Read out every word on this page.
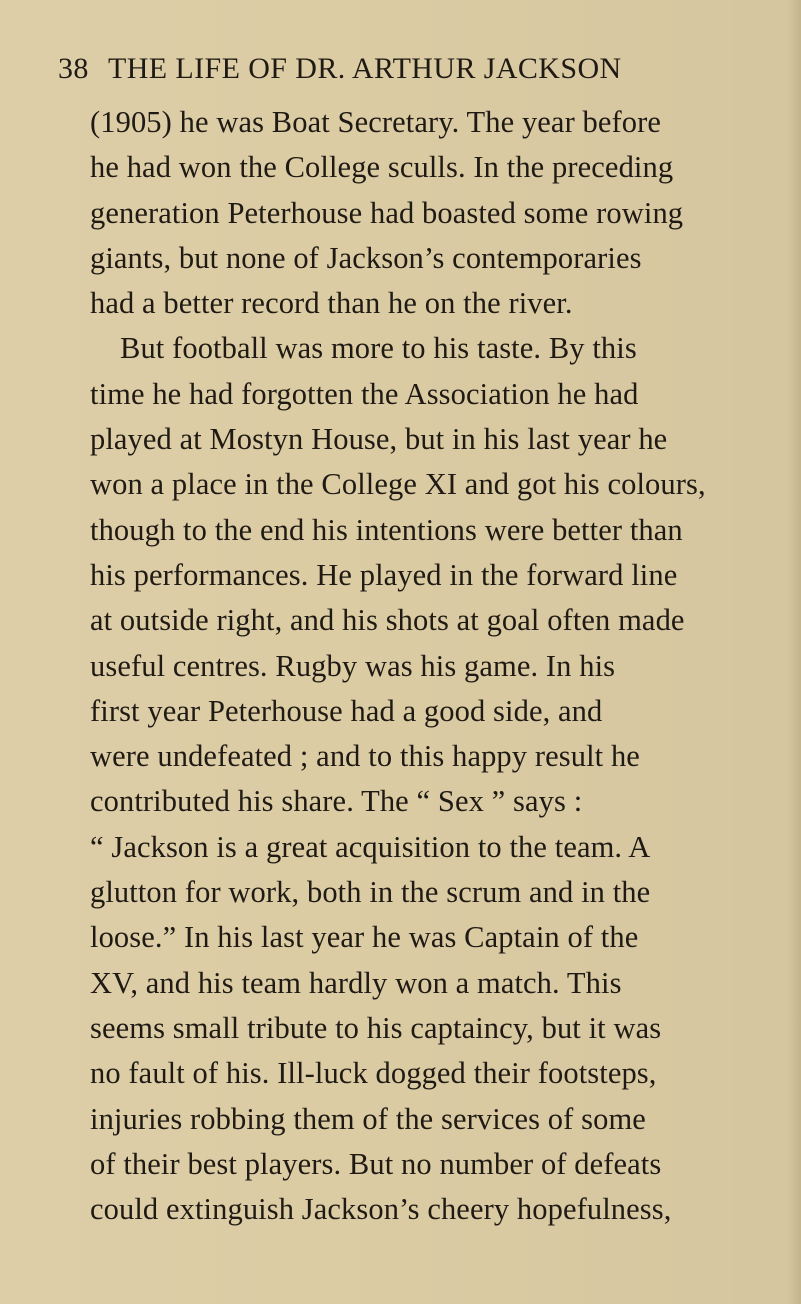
38 THE LIFE OF DR. ARTHUR JACKSON
(1905) he was Boat Secretary. The year before
he had won the College sculls. In the preceding
generation Peterhouse had boasted some rowing
giants, but none of Jackson’s contemporaries
had a better record than he on the river.
But football was more to his taste. By this
time he had forgotten the Association he had
played at Mostyn House, but in his last year he
won a place in the College XI and got his colours,
though to the end his intentions were better than
his performances. He played in the forward line
at outside right, and his shots at goal often made
useful centres. Rugby was his game. In his
first year Peterhouse had a good side, and
were undefeated ; and to this happy result he
contributed his share. The “ Sex ” says :
“ Jackson is a great acquisition to the team. A
glutton for work, both in the scrum and in the
loose.” In his last year he was Captain of the
XV, and his team hardly won a match. This
seems small tribute to his captaincy, but it was
no fault of his. Ill-luck dogged their footsteps,
injuries robbing them of the services of some
of their best players. But no number of defeats
could extinguish Jackson’s cheery hopefulness,
